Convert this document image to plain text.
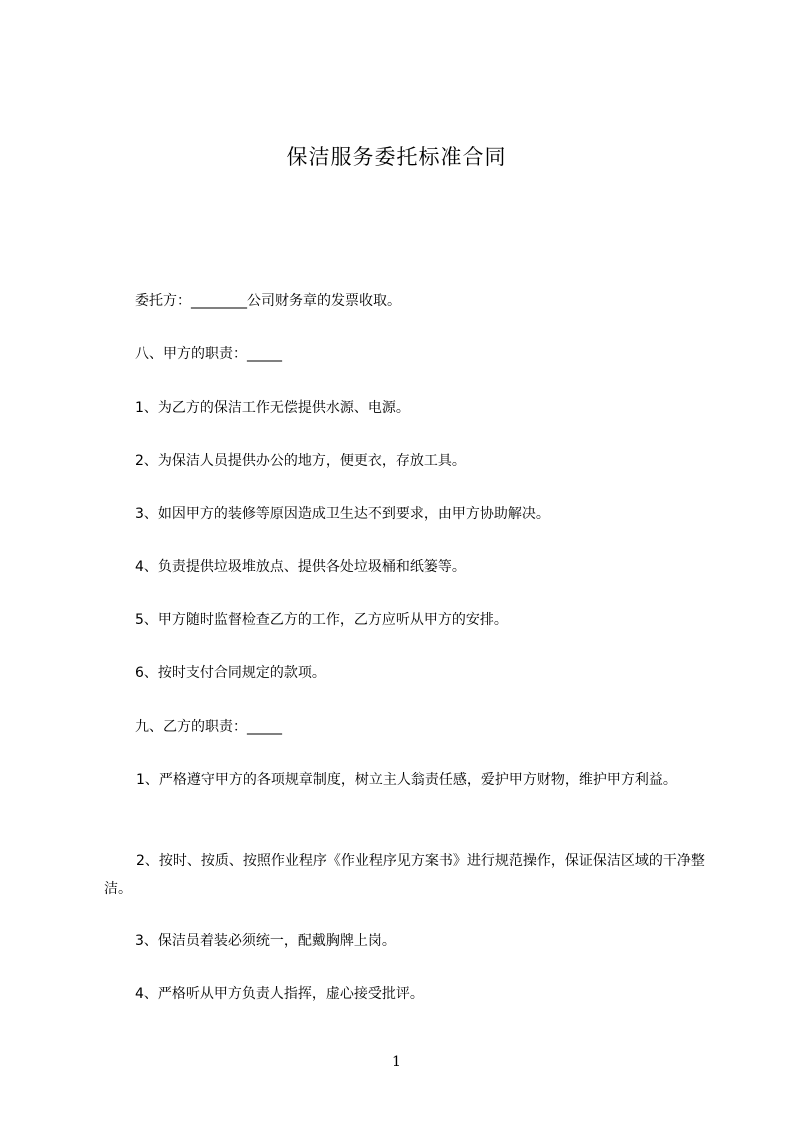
保洁服务委托标准合同
委托方：________公司财务章的发票收取。
八、甲方的职责：_____
1、为乙方的保洁工作无偿提供水源、电源。
2、为保洁人员提供办公的地方，便更衣，存放工具。
3、如因甲方的装修等原因造成卫生达不到要求，由甲方协助解决。
4、负责提供垃圾堆放点、提供各处垃圾桶和纸篓等。
5、甲方随时监督检查乙方的工作，乙方应听从甲方的安排。
6、按时支付合同规定的款项。
九、乙方的职责：_____
1、严格遵守甲方的各项规章制度，树立主人翁责任感，爱护甲方财物，维护甲方利益。
2、按时、按质、按照作业程序《作业程序见方案书》进行规范操作，保证保洁区域的干净整洁。
3、保洁员着装必须统一，配戴胸牌上岗。
4、严格听从甲方负责人指挥，虚心接受批评。
1
